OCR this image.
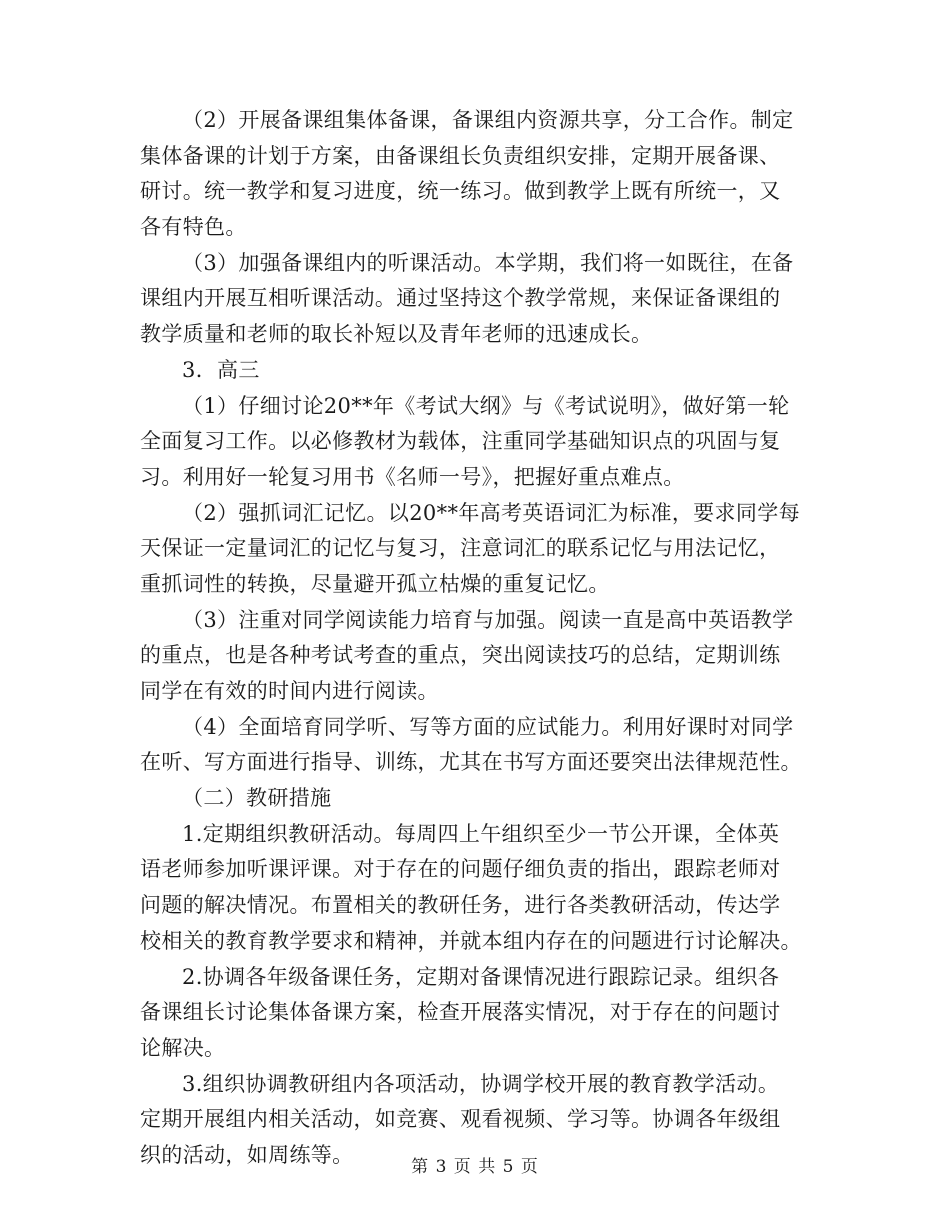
（2）开展备课组集体备课，备课组内资源共享，分工合作。制定
集体备课的计划于方案，由备课组长负责组织安排，定期开展备课、
研讨。统一教学和复习进度，统一练习。做到教学上既有所统一，又
各有特色。
（3）加强备课组内的听课活动。本学期，我们将一如既往，在备
课组内开展互相听课活动。通过坚持这个教学常规，来保证备课组的
教学质量和老师的取长补短以及青年老师的迅速成长。
3．高三
（1）仔细讨论20**年《考试大纲》与《考试说明》，做好第一轮
全面复习工作。以必修教材为载体，注重同学基础知识点的巩固与复
习。利用好一轮复习用书《名师一号》，把握好重点难点。
（2）强抓词汇记忆。以20**年高考英语词汇为标准，要求同学每
天保证一定量词汇的记忆与复习，注意词汇的联系记忆与用法记忆，
重抓词性的转换，尽量避开孤立枯燥的重复记忆。
（3）注重对同学阅读能力培育与加强。阅读一直是高中英语教学
的重点，也是各种考试考查的重点，突出阅读技巧的总结，定期训练
同学在有效的时间内进行阅读。
（4）全面培育同学听、写等方面的应试能力。利用好课时对同学
在听、写方面进行指导、训练，尤其在书写方面还要突出法律规范性。
（二）教研措施
1.定期组织教研活动。每周四上午组织至少一节公开课，全体英
语老师参加听课评课。对于存在的问题仔细负责的指出，跟踪老师对
问题的解决情况。布置相关的教研任务，进行各类教研活动，传达学
校相关的教育教学要求和精神，并就本组内存在的问题进行讨论解决。
2.协调各年级备课任务，定期对备课情况进行跟踪记录。组织各
备课组长讨论集体备课方案，检查开展落实情况，对于存在的问题讨
论解决。
3.组织协调教研组内各项活动，协调学校开展的教育教学活动。
定期开展组内相关活动，如竞赛、观看视频、学习等。协调各年级组
织的活动，如周练等。
第 3 页 共 5 页
